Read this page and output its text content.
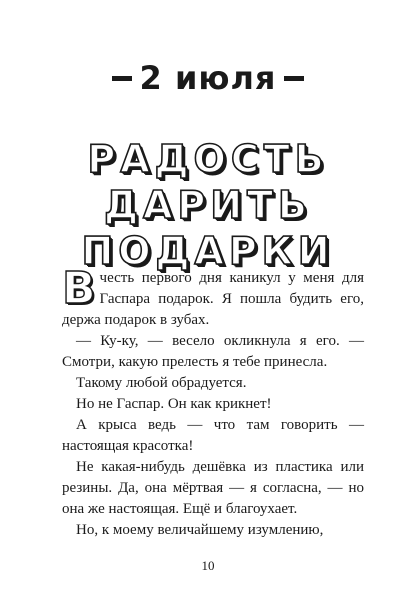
2 июля
РАДОСТЬ
ДАРИТЬ
ПОДАРКИ

В честь первого дня каникул у меня для Гаспара подарок. Я пошла будить его, держа подарок в зубах.

— Ку-ку, — весело окликнула я его. — Смотри, какую прелесть я тебе принесла.

Такому любой обрадуется.

Но не Гаспар. Он как крикнет!

А крыса ведь — что там говорить — настоящая красотка!

Не какая-нибудь дешёвка из пластика или резины. Да, она мёртвая — я согласна, — но она же настоящая. Ещё и благоухает.

Но, к моему величайшему изумлению,

10
